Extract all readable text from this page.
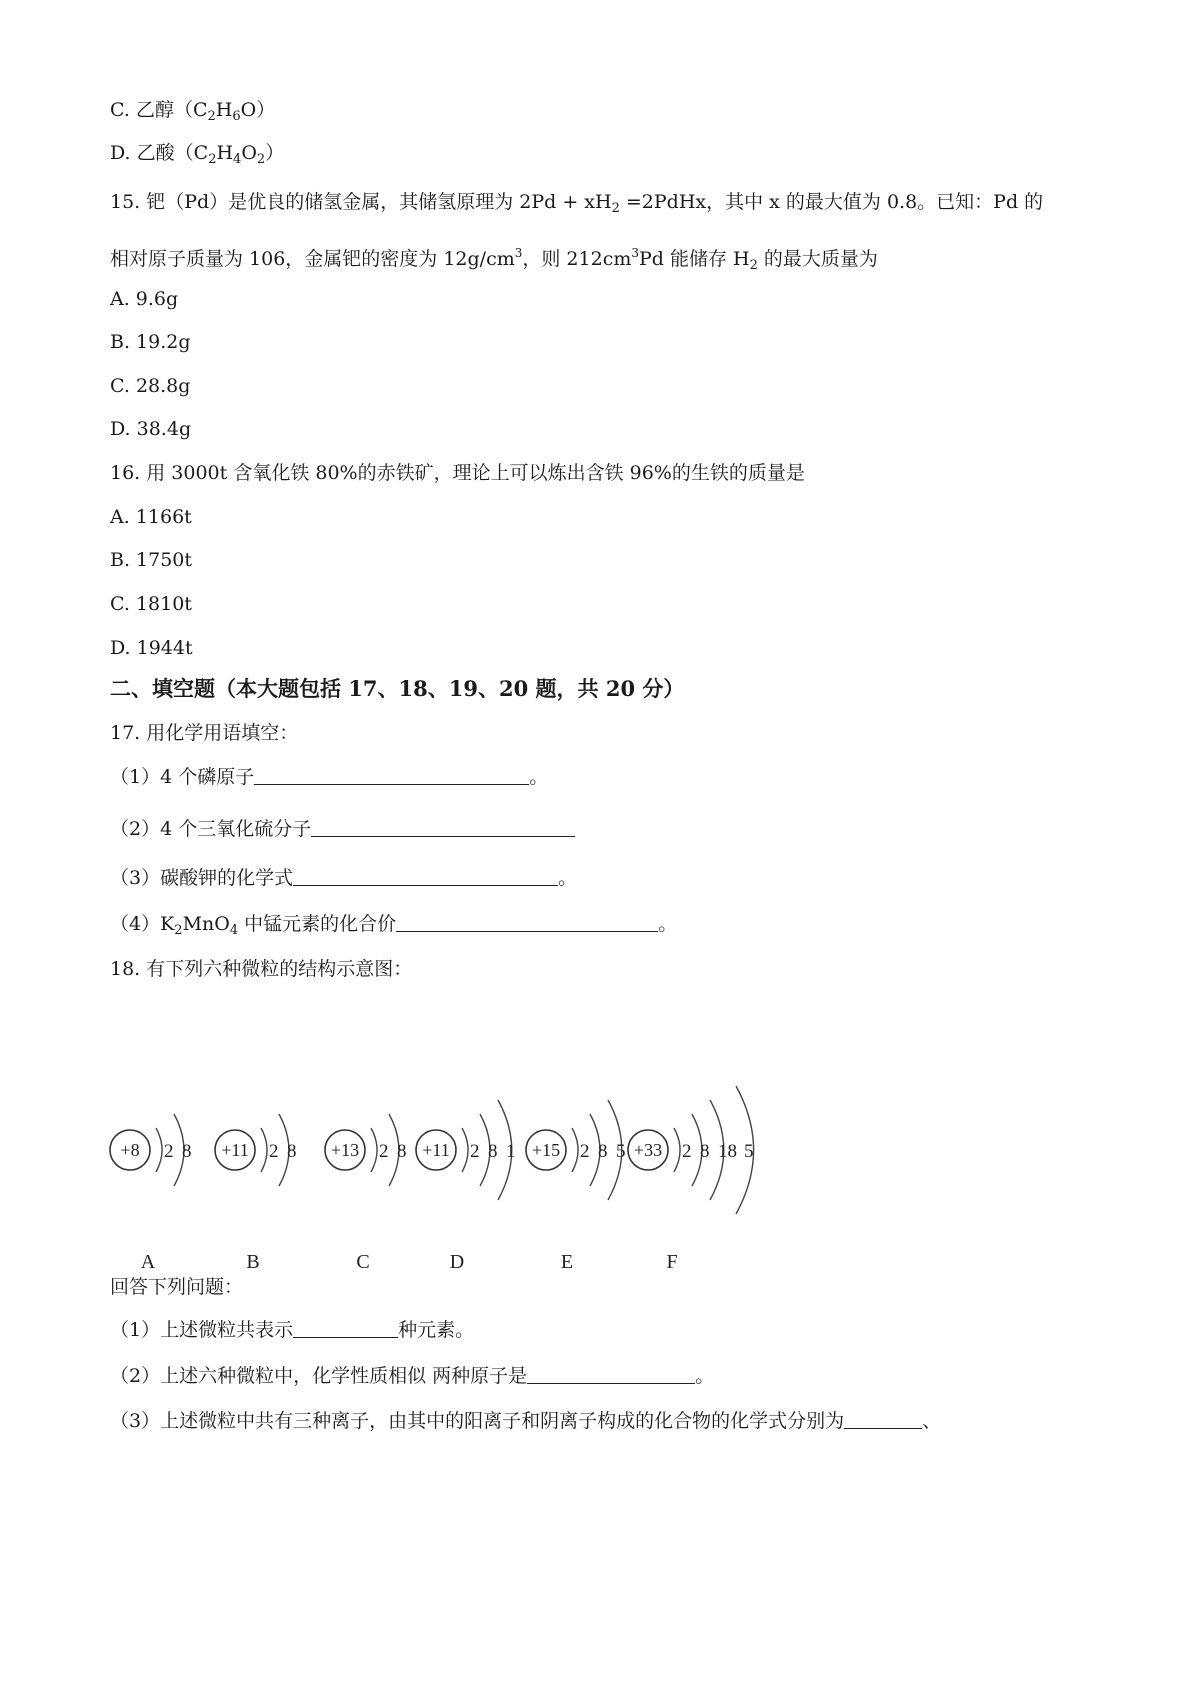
C. 乙醇$(C_2H_6O)$
D. 乙酸$(C_2H_4O_2)$
15. 钯（Pd）是优良的储氢金属，其储氢原理为 $2Pd + xH_2$ =2PdHx，其中 x 的最大值为 0.8。已知：Pd 的
相对原子质量为 106，金属钯的密度为 $12g/cm^3$，则 $212cm^3Pd$ 能储存 $H_2$ 的最大质量为
A. 9.6g
B. 19.2g
C. 28.8g
D. 38.4g
16. 用 3000t 含氧化铁 80%的赤铁矿，理论上可以炼出含铁 96%的生铁的质量是
A. 1166t
B. 1750t
C. 1810t
D. 1944t
二、填空题（本大题包括 17、18、19、20 题，共 20 分）
17. 用化学用语填空：
（1）4 个磷原子	。
（2）4 个三氧化硫分子
（3）碳酸钾的化学式	。
$(4)K_2MnO_4$ 中锰元素的化合价	。
18. 有下列六种微粒的结构示意图：
+8 2 8
A
+11 2 8
B
+13 2 8
C
+11 2 8 1
D
+15 2 8 5
E
+33 2 8 18 5
F
回答下列问题：
（1）上述微粒共表示	种元素。
（2）上述六种微粒中，化学性质相似 两种原子是	。
（3）上述微粒中共有三种离子，由其中的阳离子和阴离子构成的化合物的化学式分别为	、
